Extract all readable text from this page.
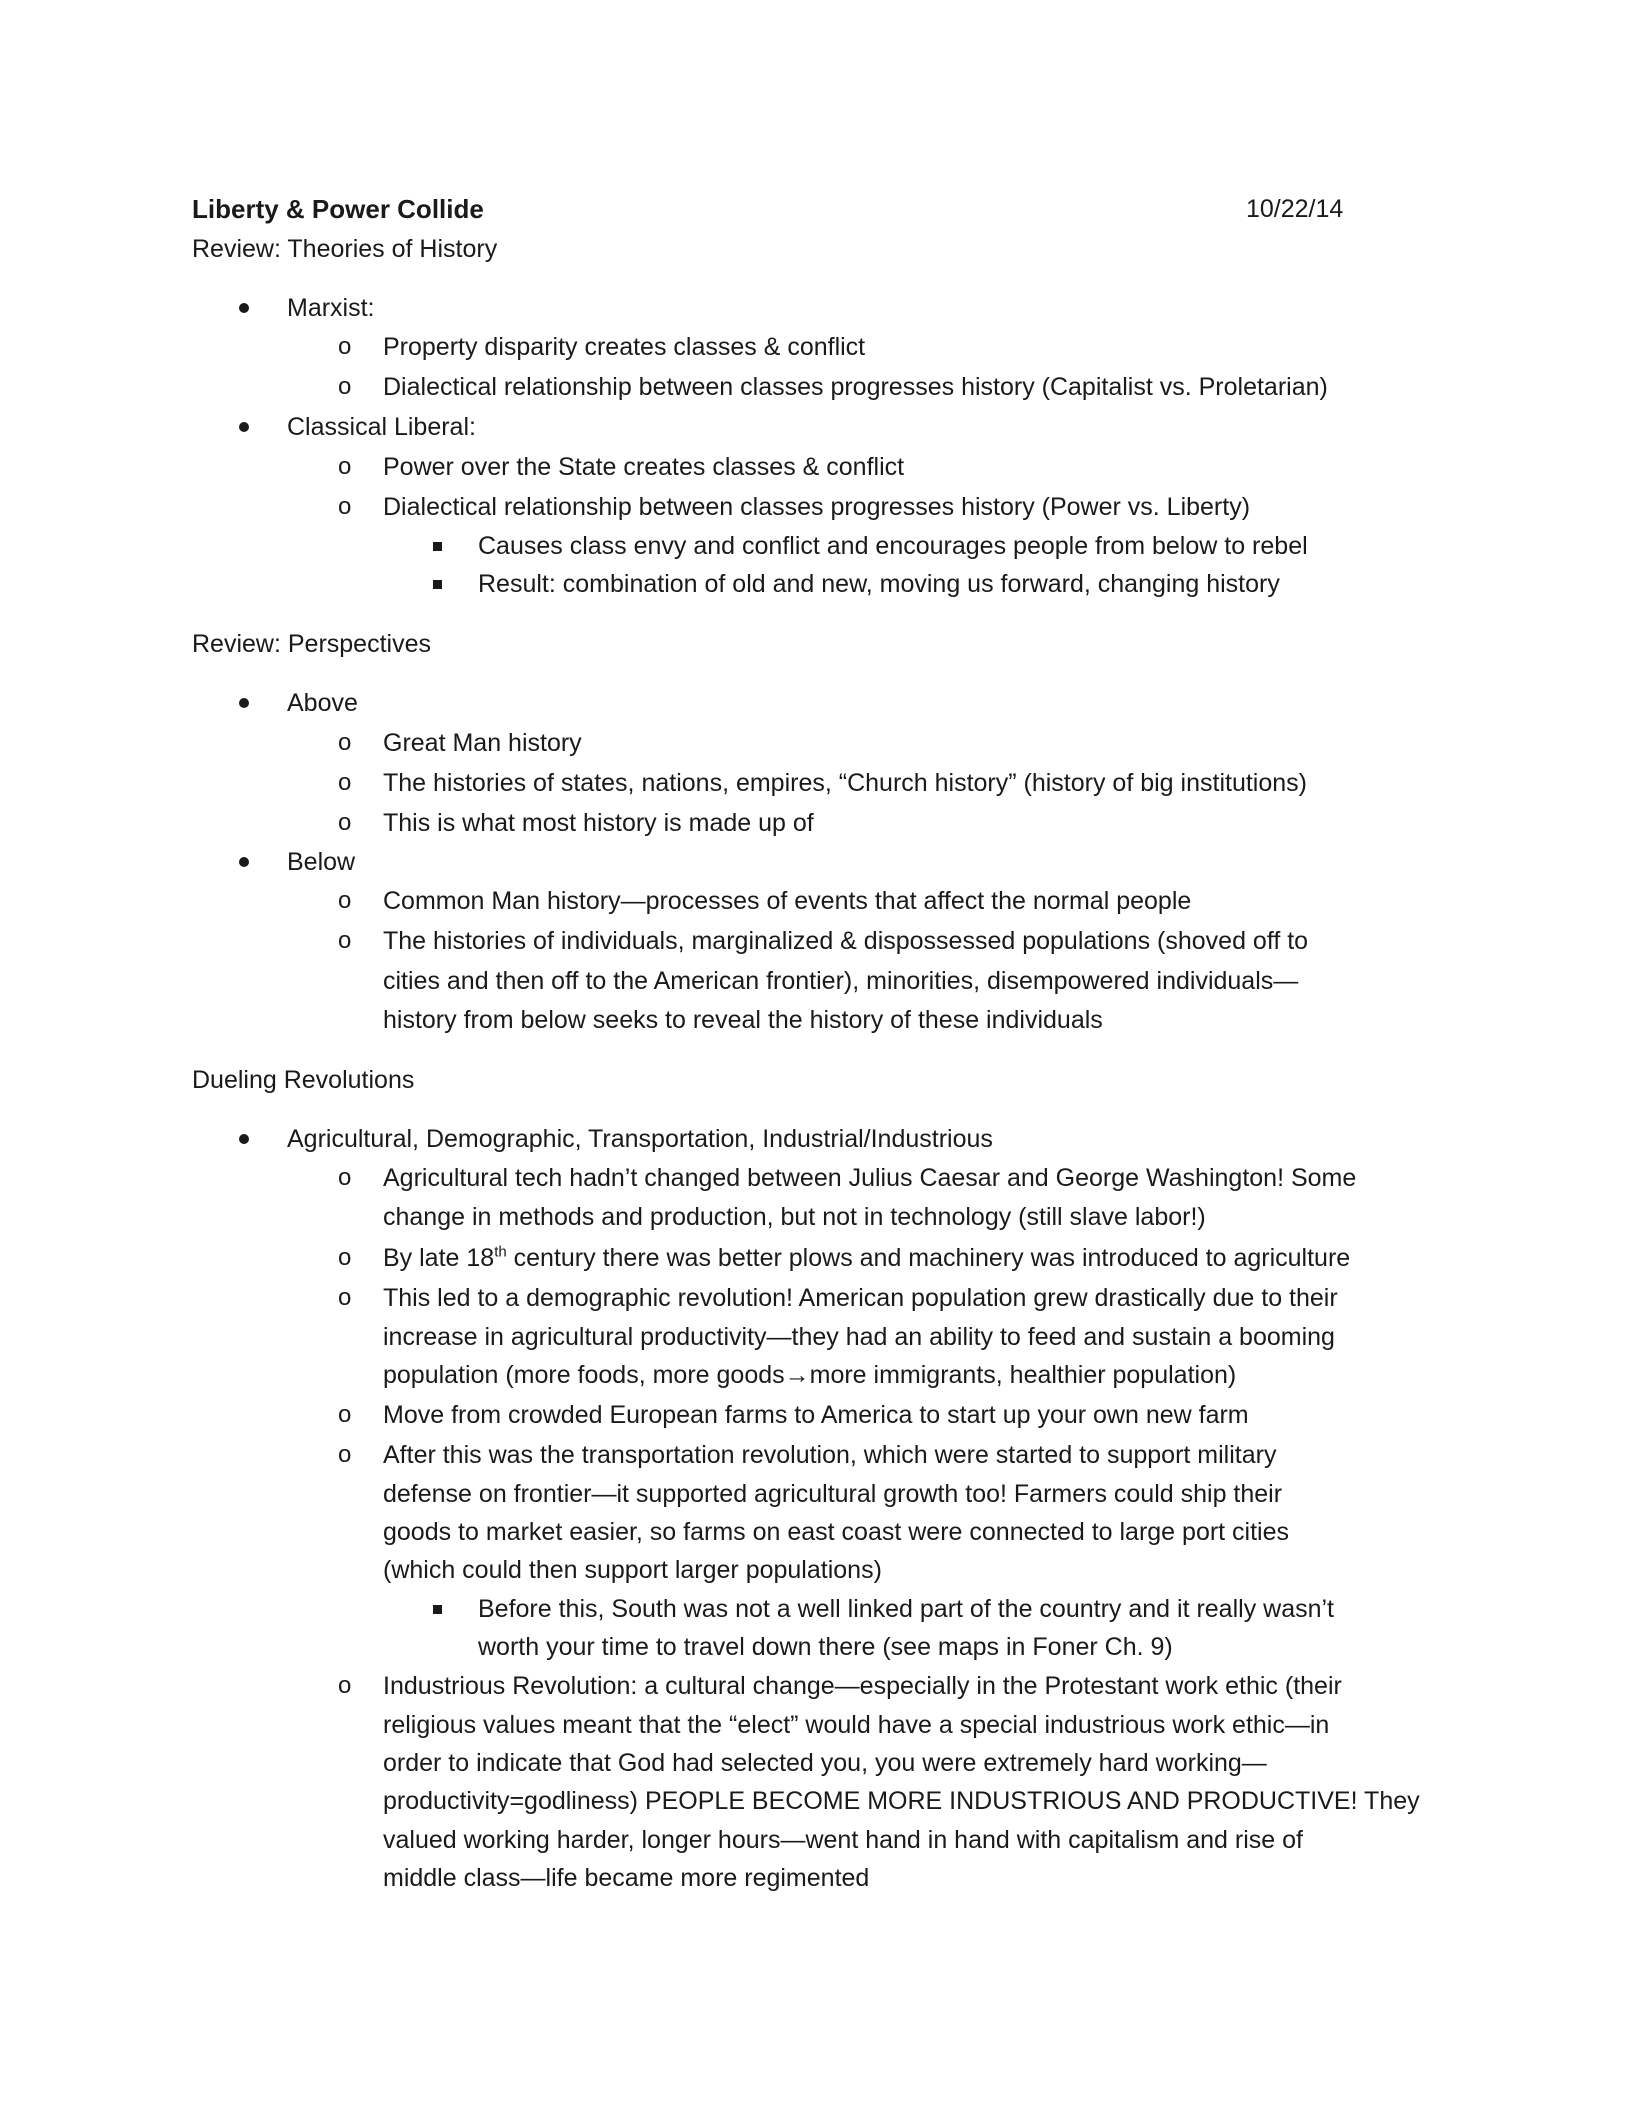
Liberty & Power Collide	10/22/14
Review: Theories of History
Marxist:
o Property disparity creates classes & conflict
o Dialectical relationship between classes progresses history (Capitalist vs. Proletarian)
Classical Liberal:
o Power over the State creates classes & conflict
o Dialectical relationship between classes progresses history (Power vs. Liberty)
Causes class envy and conflict and encourages people from below to rebel
Result: combination of old and new, moving us forward, changing history
Review: Perspectives
Above
o Great Man history
o The histories of states, nations, empires, “Church history” (history of big institutions)
o This is what most history is made up of
Below
o Common Man history—processes of events that affect the normal people
o The histories of individuals, marginalized & dispossessed populations (shoved off to
cities and then off to the American frontier), minorities, disempowered individuals—
history from below seeks to reveal the history of these individuals
Dueling Revolutions
Agricultural, Demographic, Transportation, Industrial/Industrious
o Agricultural tech hadn’t changed between Julius Caesar and George Washington! Some
change in methods and production, but not in technology (still slave labor!)
o By late 18th century there was better plows and machinery was introduced to agriculture
o This led to a demographic revolution! American population grew drastically due to their
increase in agricultural productivity—they had an ability to feed and sustain a booming
population (more foods, more goods→more immigrants, healthier population)
o Move from crowded European farms to America to start up your own new farm
o After this was the transportation revolution, which were started to support military
defense on frontier—it supported agricultural growth too! Farmers could ship their
goods to market easier, so farms on east coast were connected to large port cities
(which could then support larger populations)
Before this, South was not a well linked part of the country and it really wasn’t
worth your time to travel down there (see maps in Foner Ch. 9)
o Industrious Revolution: a cultural change—especially in the Protestant work ethic (their
religious values meant that the “elect” would have a special industrious work ethic—in
order to indicate that God had selected you, you were extremely hard working—
productivity=godliness) PEOPLE BECOME MORE INDUSTRIOUS AND PRODUCTIVE! They
valued working harder, longer hours—went hand in hand with capitalism and rise of
middle class—life became more regimented
